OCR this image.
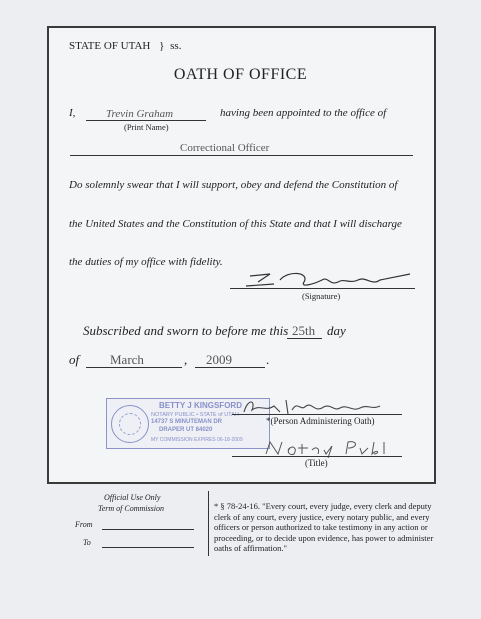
STATE OF UTAH } ss.
OATH OF OFFICE
I,	Trevin Graham
(Print Name)
having been appointed to the office of
Correctional Officer
Do solemnly swear that I will support, obey and defend the Constitution of
the United States and the Constitution of this State and that I will discharge
the duties of my office with fidelity.
(Signature)
Subscribed and sworn to before me this 25th day
of March	, 2009	.
BETTY J KINGSFORD
NOTARY PUBLIC • STATE of UTAH
14737 S MINUTEMAN DR
DRAPER UT 84020
MY COMMISSION EXPIRES 06-18-2009
*(Person Administering Oath)
(Title)
Official Use Only
Term of Commission
From
To
* § 78-24-16. "Every court, every judge, every clerk and deputy clerk of any court, every justice, every notary public, and every officers or person authorized to take testimony in any action or proceeding, or to decide upon evidence, has power to administer oaths of affirmation."
